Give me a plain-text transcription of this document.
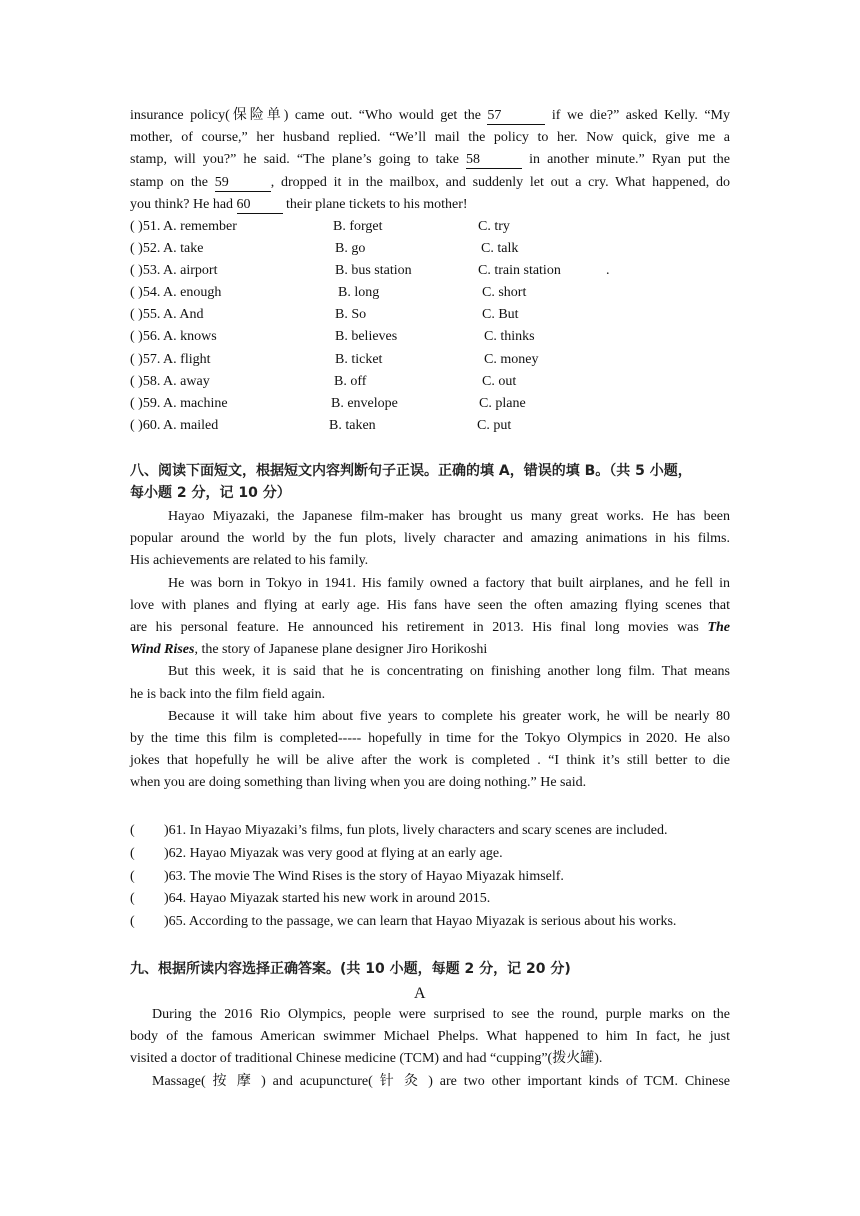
insurance policy(保险单) came out. “Who would get the 57	if we die?” asked Kelly. “My
mother, of course,” her husband replied. “We’ll mail the policy to her. Now quick, give me a
stamp, will you?” he said. “The plane’s going to take 58	in another minute.” Ryan put the
stamp on the 59	, dropped it in the mailbox, and suddenly let out a cry. What happened, do
you think? He had 60 their plane tickets to his mother!
( )51. A. remember	B. forget	C. try
( )52. A. take	B. go	C. talk
( )53. A. airport	B. bus station	C. train station
( )54. A. enough	B. long	C. short
( )55. A. And	B. So	C. But
( )56. A. knows	B. believes	C. thinks
( )57. A. flight	B. ticket	C. money
( )58. A. away	B. off	C. out
( )59. A. machine	B. envelope	C. plane
( )60. A. mailed	B. taken	C. put
.
八、阅读下面短文，根据短文内容判断句子正误。正确的填 A，错误的填 B。（共 5 小题，
每小题 2 分，记 10 分）
Hayao Miyazaki, the Japanese film-maker has brought us many great works. He has been
popular around the world by the fun plots, lively character and amazing animations in his films.
His achievements are related to his family.
He was born in Tokyo in 1941. His family owned a factory that built airplanes, and he fell in
love with planes and flying at early age. His fans have seen the often amazing flying scenes that
are his personal feature. He announced his retirement in 2013. His final long movies was The
Wind Rises, the story of Japanese plane designer Jiro Horikoshi
But this week, it is said that he is concentrating on finishing another long film. That means
he is back into the film field again.
Because it will take him about five years to complete his greater work, he will be nearly 80
by the time this film is completed----- hopefully in time for the Tokyo Olympics in 2020. He also
jokes that hopefully he will be alive after the work is completed . “I think it’s still better to die
when you are doing something than living when you are doing nothing.” He said.
( )61. In Hayao Miyazaki’s films, fun plots, lively characters and scary scenes are included.
( )62. Hayao Miyazak was very good at flying at an early age.
( )63. The movie The Wind Rises is the story of Hayao Miyazak himself.
( )64. Hayao Miyazak started his new work in around 2015.
( )65. According to the passage, we can learn that Hayao Miyazak is serious about his works.
九、根据所读内容选择正确答案。(共 10 小题，每题 2 分，记 20 分)
A
During the 2016 Rio Olympics, people were surprised to see the round, purple marks on the
body of the famous American swimmer Michael Phelps. What happened to him In fact, he just
visited a doctor of traditional Chinese medicine (TCM) and had “cupping”(拨火罐).
Massage( 按 摩 ) and acupuncture( 针 灸 ) are two other important kinds of TCM. Chinese
